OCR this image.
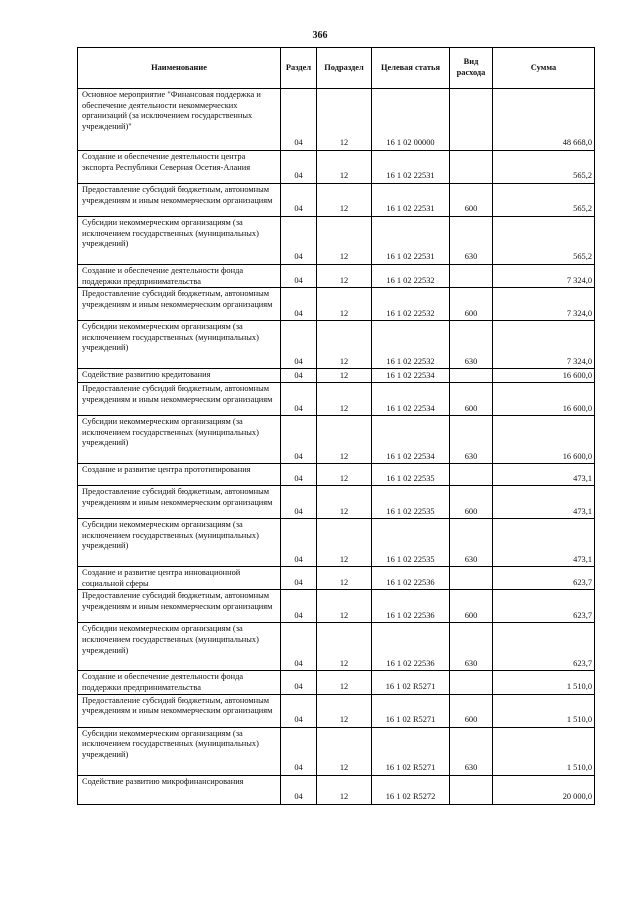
366
Наименование	Раздел	Подраздел	Целевая статья	Вид расхода	Сумма
Основное мероприятие "Финансовая поддержка и обеспечение деятельности некоммерческих организаций (за исключением государственных учреждений)"	04	12	16 1 02 00000		48 668,0
Создание и обеспечение деятельности центра экспорта Республики Северная Осетия-Алания	04	12	16 1 02 22531		565,2
Предоставление субсидий бюджетным, автономным учреждениям и иным некоммерческим организациям	04	12	16 1 02 22531	600	565,2
Субсидии некоммерческим организациям (за исключением государственных (муниципальных) учреждений)	04	12	16 1 02 22531	630	565,2
Создание и обеспечение деятельности фонда поддержки предпринимательства	04	12	16 1 02 22532		7 324,0
Предоставление субсидий бюджетным, автономным учреждениям и иным некоммерческим организациям	04	12	16 1 02 22532	600	7 324,0
Субсидии некоммерческим организациям (за исключением государственных (муниципальных) учреждений)	04	12	16 1 02 22532	630	7 324,0
Содействие развитию кредитования	04	12	16 1 02 22534		16 600,0
Предоставление субсидий бюджетным, автономным учреждениям и иным некоммерческим организациям	04	12	16 1 02 22534	600	16 600,0
Субсидии некоммерческим организациям (за исключением государственных (муниципальных) учреждений)	04	12	16 1 02 22534	630	16 600,0
Создание и развитие центра прототипирования	04	12	16 1 02 22535		473,1
Предоставление субсидий бюджетным, автономным учреждениям и иным некоммерческим организациям	04	12	16 1 02 22535	600	473,1
Субсидии некоммерческим организациям (за исключением государственных (муниципальных) учреждений)	04	12	16 1 02 22535	630	473,1
Создание и развитие центра инновационной социальной сферы	04	12	16 1 02 22536		623,7
Предоставление субсидий бюджетным, автономным учреждениям и иным некоммерческим организациям	04	12	16 1 02 22536	600	623,7
Субсидии некоммерческим организациям (за исключением государственных (муниципальных) учреждений)	04	12	16 1 02 22536	630	623,7
Создание и обеспечение деятельности фонда поддержки предпринимательства	04	12	16 1 02 R5271		1 510,0
Предоставление субсидий бюджетным, автономным учреждениям и иным некоммерческим организациям	04	12	16 1 02 R5271	600	1 510,0
Субсидии некоммерческим организациям (за исключением государственных (муниципальных) учреждений)	04	12	16 1 02 R5271	630	1 510,0
Содействие развитию микрофинансирования	04	12	16 1 02 R5272		20 000,0
